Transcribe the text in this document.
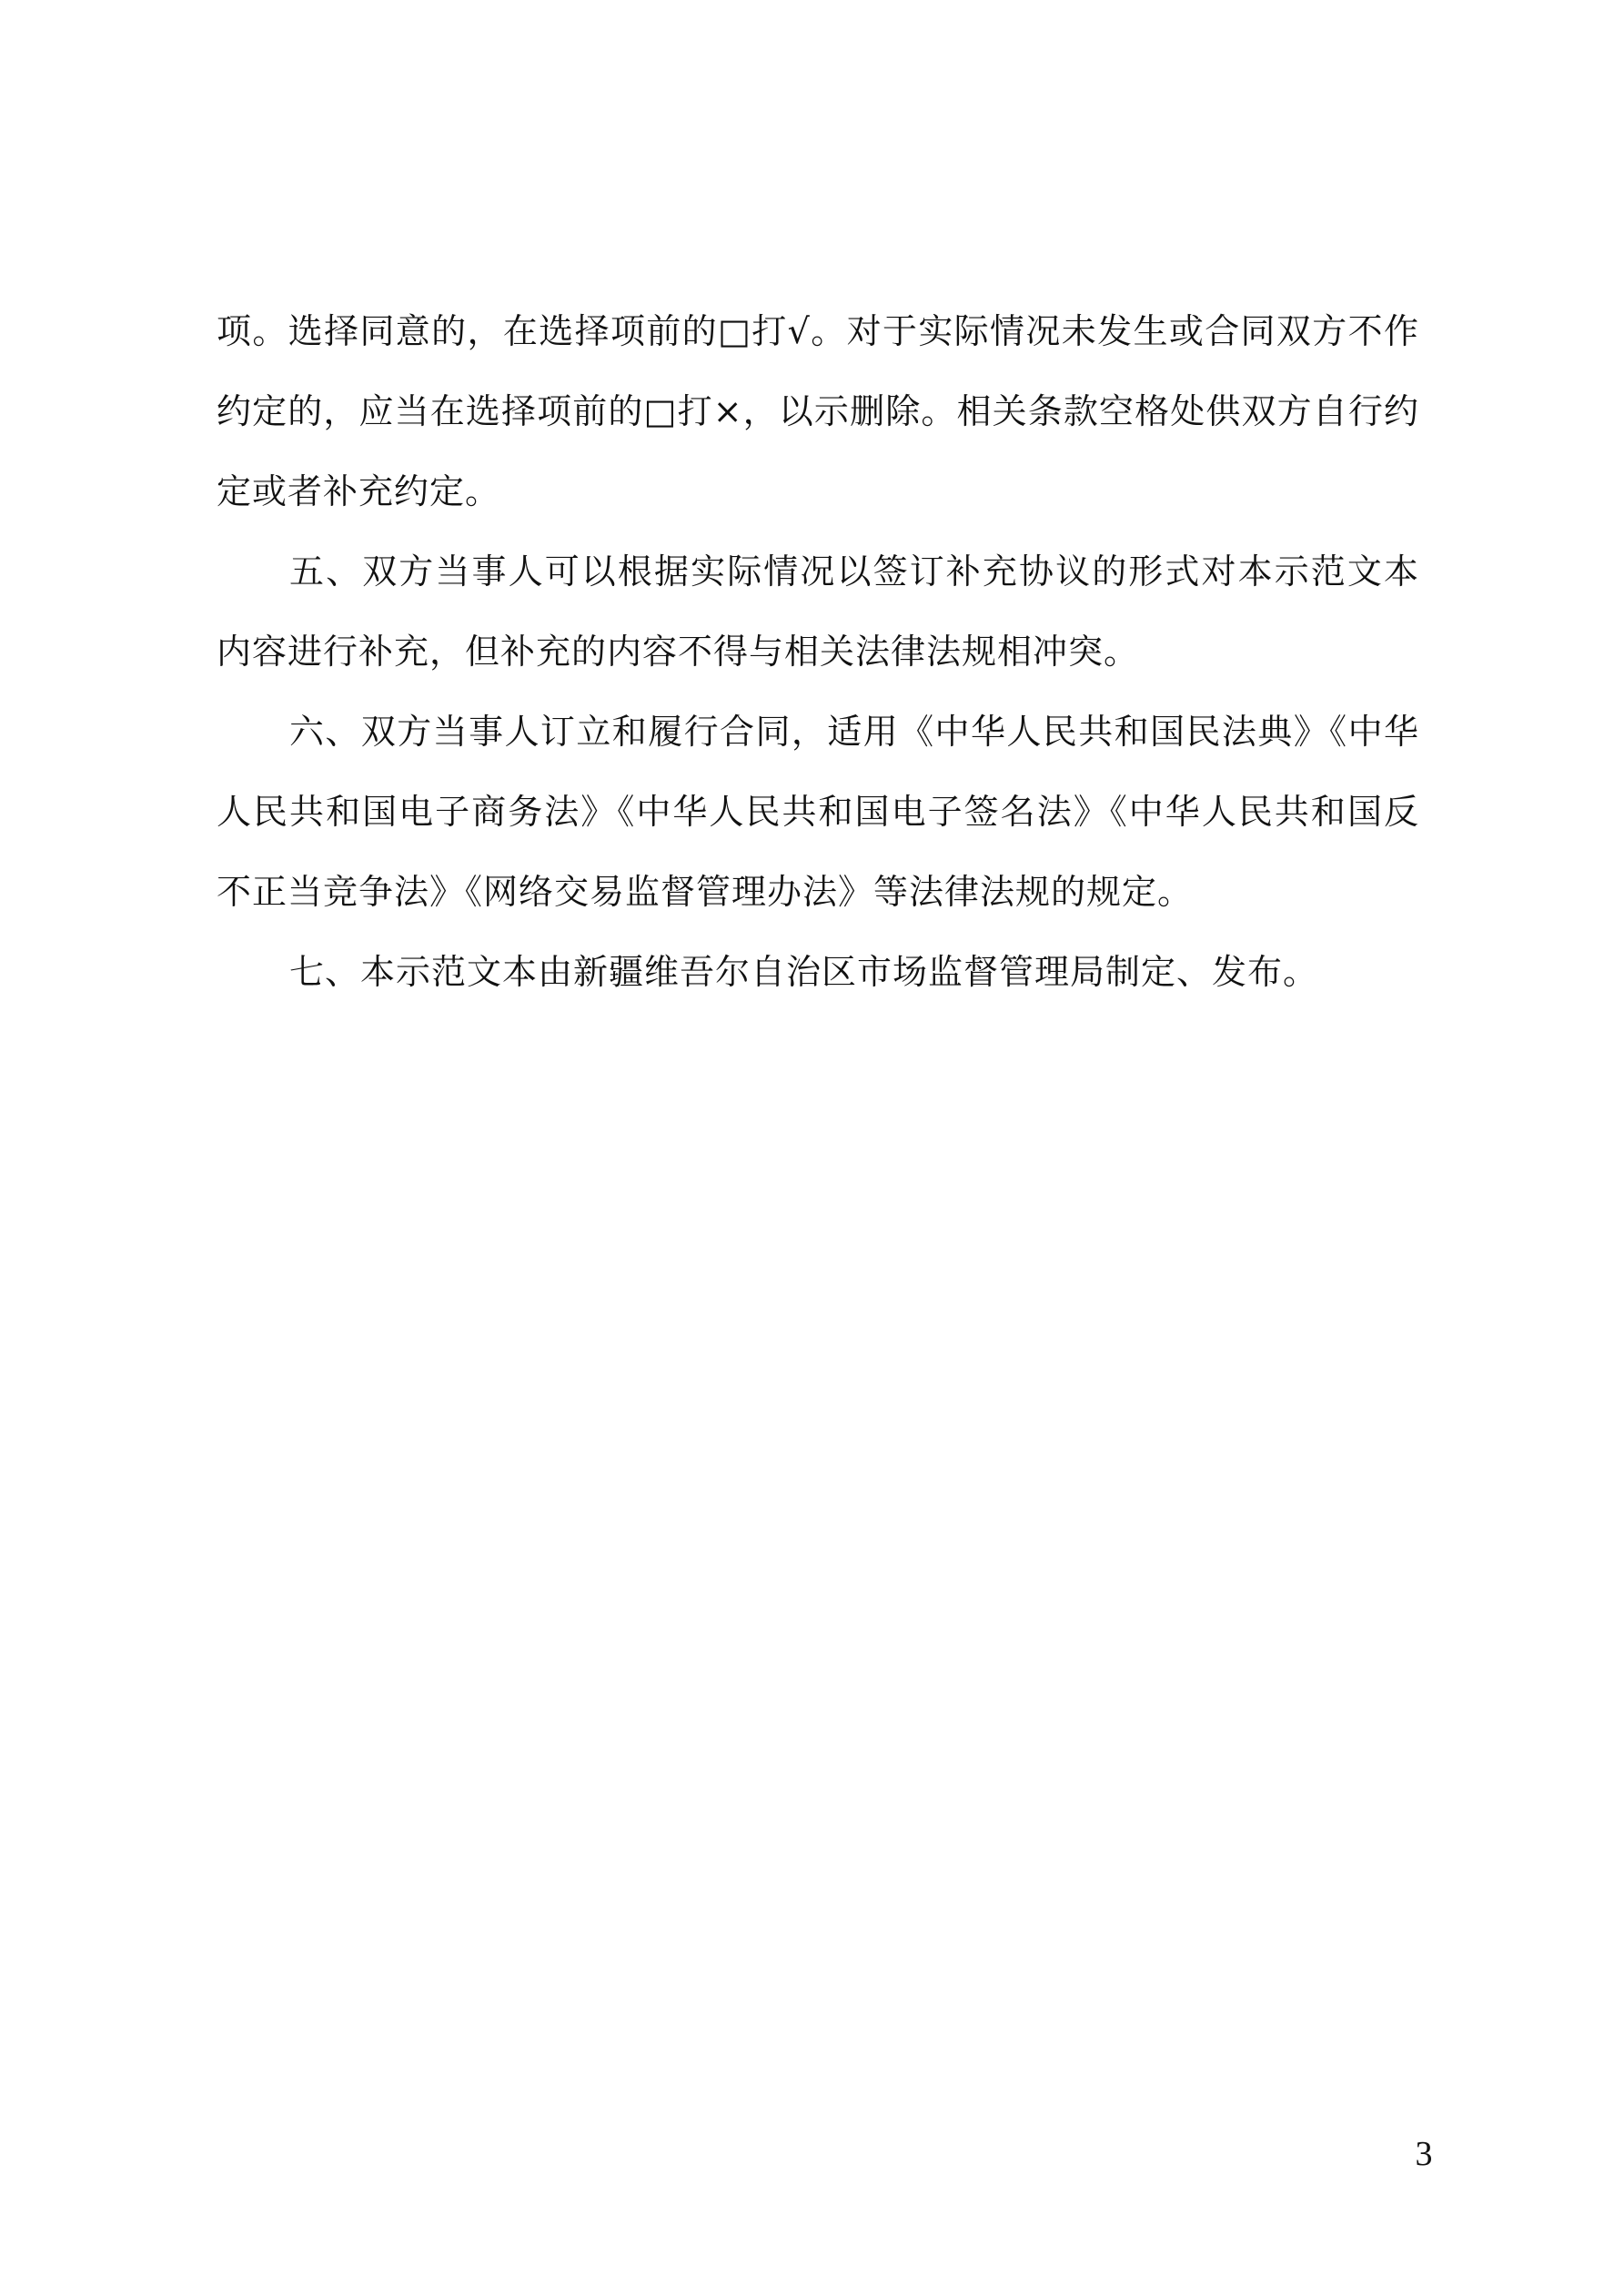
项。选择同意的，在选择项前的□打√。对于实际情况未发生或合同双方不作约定的，应当在选择项前的□打×，以示删除。相关条款空格处供双方自行约定或者补充约定。

五、双方当事人可以根据实际情况以签订补充协议的形式对本示范文本内容进行补充，但补充的内容不得与相关法律法规相冲突。

六、双方当事人订立和履行合同，适用《中华人民共和国民法典》《中华人民共和国电子商务法》《中华人民共和国电子签名法》《中华人民共和国反不正当竞争法》《网络交易监督管理办法》等法律法规的规定。

七、本示范文本由新疆维吾尔自治区市场监督管理局制定、发布。

3
